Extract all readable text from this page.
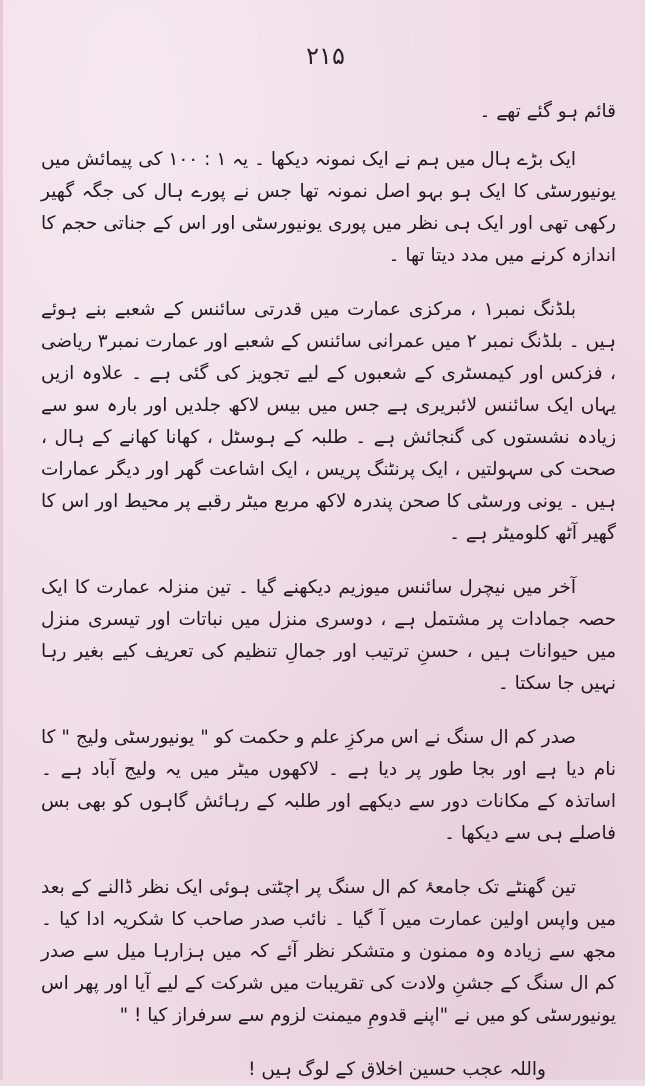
۲۱۵

قائم ہو گئے تھے ۔

ایک بڑے ہال میں ہم نے ایک نمونہ دیکھا ۔ یہ ۱ : ۱۰۰ کی پیمائش میں یونیورسٹی کا ایک ہو بہو اصل نمونہ تھا جس نے پورے ہال کی جگہ گھیر رکھی تھی اور ایک ہی نظر میں پوری یونیورسٹی اور اس کے جناتی حجم کا اندازہ کرنے میں مدد دیتا تھا ۔

بلڈنگ نمبر۱ ، مرکزی عمارت میں قدرتی سائنس کے شعبے بنے ہوئے ہیں ۔ بلڈنگ نمبر ۲ میں عمرانی سائنس کے شعبے اور عمارت نمبر۳ ریاضی ، فزکس اور کیمسٹری کے شعبوں کے لیے تجویز کی گئی ہے ۔ علاوہ ازیں یہاں ایک سائنس لائبریری ہے جس میں بیس لاکھ جلدیں اور بارہ سو سے زیادہ نشستوں کی گنجائش ہے ۔ طلبہ کے ہوسٹل ، کھانا کھانے کے ہال ، صحت کی سہولتیں ، ایک پرنٹنگ پریس ، ایک اشاعت گھر اور دیگر عمارات ہیں ۔ یونی ورسٹی کا صحن پندرہ لاکھ مربع میٹر رقبے پر محیط اور اس کا گھیر آٹھ کلومیٹر ہے ۔

آخر میں نیچرل سائنس میوزیم دیکھنے گیا ۔ تین منزلہ عمارت کا ایک حصہ جمادات پر مشتمل ہے ، دوسری منزل میں نباتات اور تیسری منزل میں حیوانات ہیں ، حسنِ ترتیب اور جمالِ تنظیم کی تعریف کیے بغیر رہا نہیں جا سکتا ۔

صدر کم ال سنگ نے اس مرکزِ علم و حکمت کو " یونیورسٹی ولیج " کا نام دیا ہے اور بجا طور پر دیا ہے ۔ لاکھوں میٹر میں یہ ولیج آباد ہے ۔ اساتذہ کے مکانات دور سے دیکھے اور طلبہ کے رہائش گاہوں کو بھی بس فاصلے ہی سے دیکھا ۔

تین گھنٹے تک جامعۂ کم ال سنگ پر اچٹتی ہوئی ایک نظر ڈالنے کے بعد میں واپس اولین عمارت میں آ گیا ۔ نائب صدر صاحب کا شکریہ ادا کیا ۔ مجھ سے زیادہ وہ ممنون و متشکر نظر آئے کہ میں ہزارہا میل سے صدر کم ال سنگ کے جشنِ ولادت کی تقریبات میں شرکت کے لیے آیا اور پھر اس یونیورسٹی کو میں نے "اپنے قدومِ میمنت لزوم سے سرفراز کیا ! "

واللہ عجب حسین اخلاق کے لوگ ہیں !
